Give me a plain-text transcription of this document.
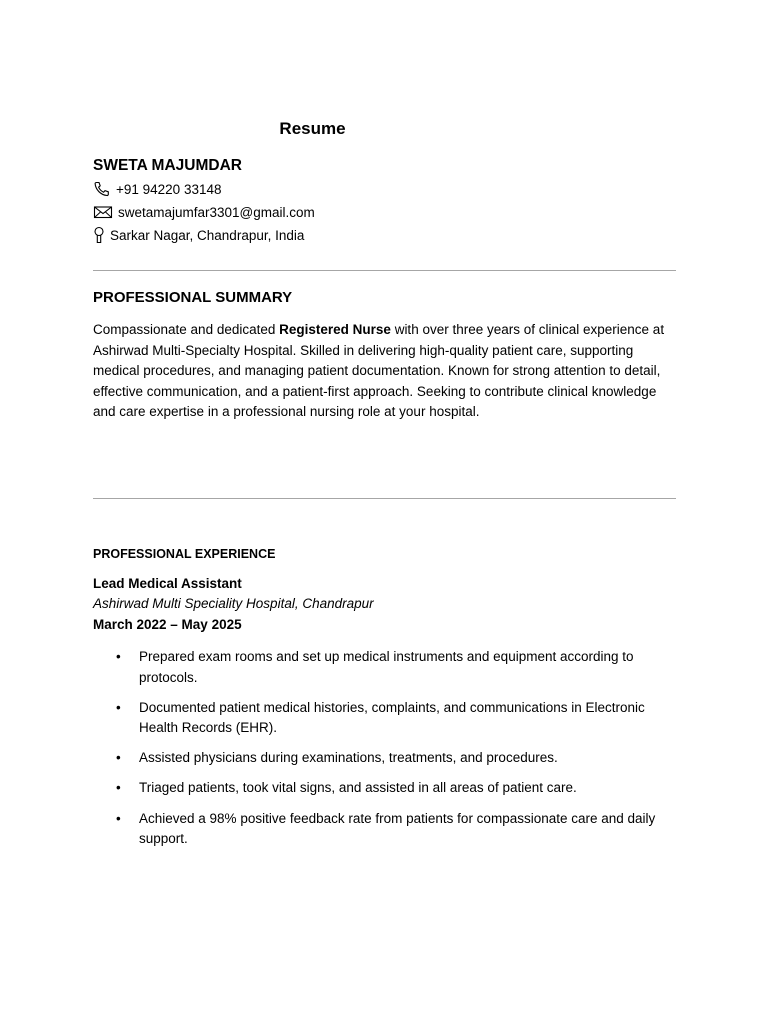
Resume
SWETA MAJUMDAR
+91 94220 33148
swetamajumfar3301@gmail.com
Sarkar Nagar, Chandrapur, India
PROFESSIONAL SUMMARY
Compassionate and dedicated Registered Nurse with over three years of clinical experience at Ashirwad Multi-Specialty Hospital. Skilled in delivering high-quality patient care, supporting medical procedures, and managing patient documentation. Known for strong attention to detail, effective communication, and a patient-first approach. Seeking to contribute clinical knowledge and care expertise in a professional nursing role at your hospital.
PROFESSIONAL EXPERIENCE
Lead Medical Assistant
Ashirwad Multi Speciality Hospital, Chandrapur
March 2022 – May 2025
• Prepared exam rooms and set up medical instruments and equipment according to protocols.
• Documented patient medical histories, complaints, and communications in Electronic Health Records (EHR).
• Assisted physicians during examinations, treatments, and procedures.
• Triaged patients, took vital signs, and assisted in all areas of patient care.
• Achieved a 98% positive feedback rate from patients for compassionate care and daily support.
